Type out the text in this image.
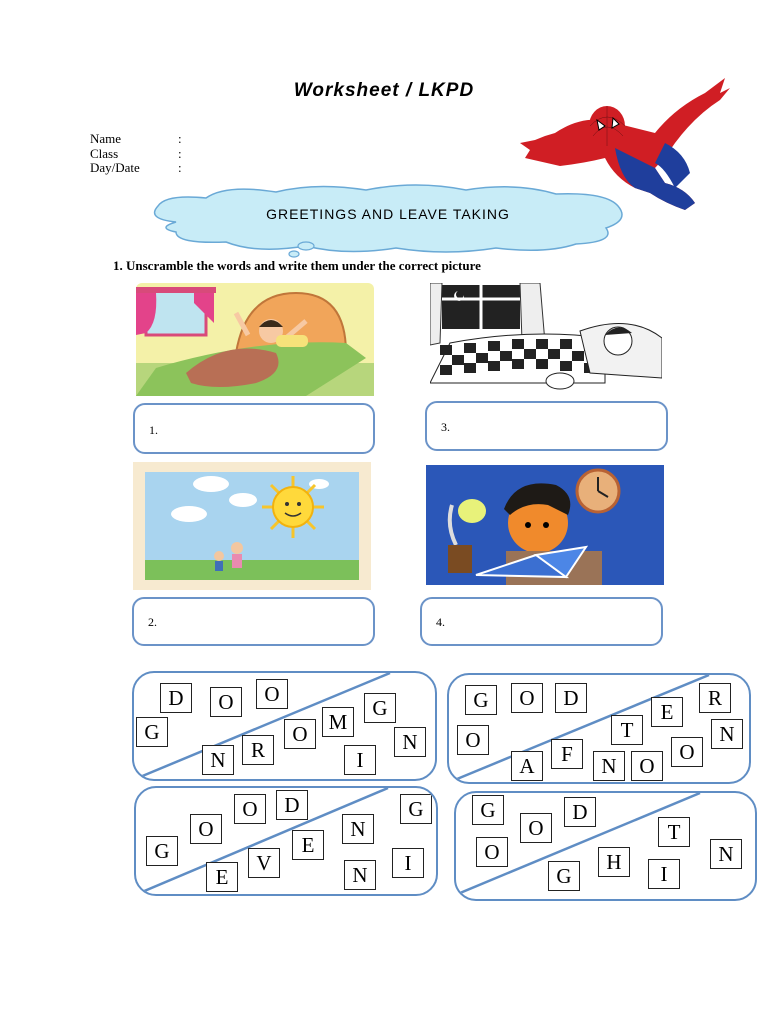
Worksheet / LKPD
Name	:
Class	:
Day/Date	:
GREETINGS AND LEAVE TAKING
1. Unscramble the words and write them under the correct picture
1.	3.
2.	4.
D	O	O
G	M
G
O	N
R
N	I
G	O	D	R
E
O	T	N
F	O
A	N	O
O	D	G
O	N
G	E
V
E	N	I
G	D
O	T
O	N
H
G	I
